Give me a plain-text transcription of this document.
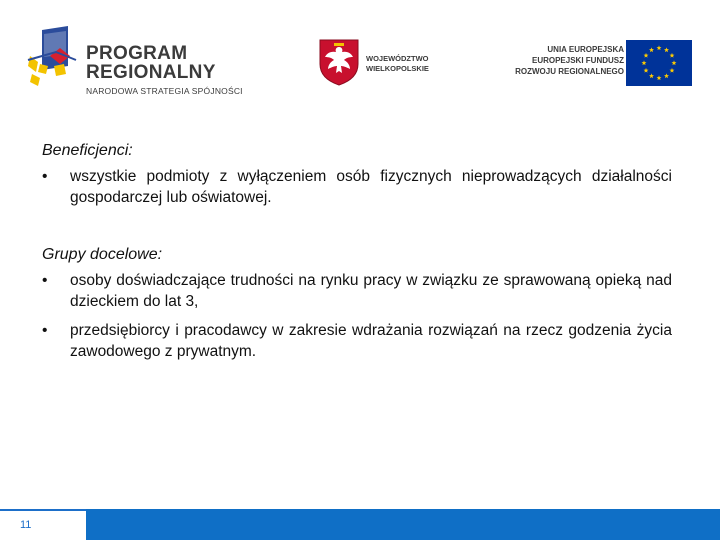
PROGRAM
REGIONALNY
NARODOWA STRATEGIA SPÓJNOŚCI
WOJEWÓDZTWO
WIELKOPOLSKIE
UNIA EUROPEJSKA
EUROPEJSKI FUNDUSZ
ROZWOJU REGIONALNEGO

Beneficjenci:

• wszystkie podmioty z wyłączeniem osób fizycznych nieprowadzących działalności gospodarczej lub oświatowej.

Grupy docelowe:

• osoby doświadczające trudności na rynku pracy w związku ze sprawowaną opieką nad dzieckiem do lat 3,
• przedsiębiorcy i pracodawcy w zakresie wdrażania rozwiązań na rzecz godzenia życia zawodowego z prywatnym.
11
